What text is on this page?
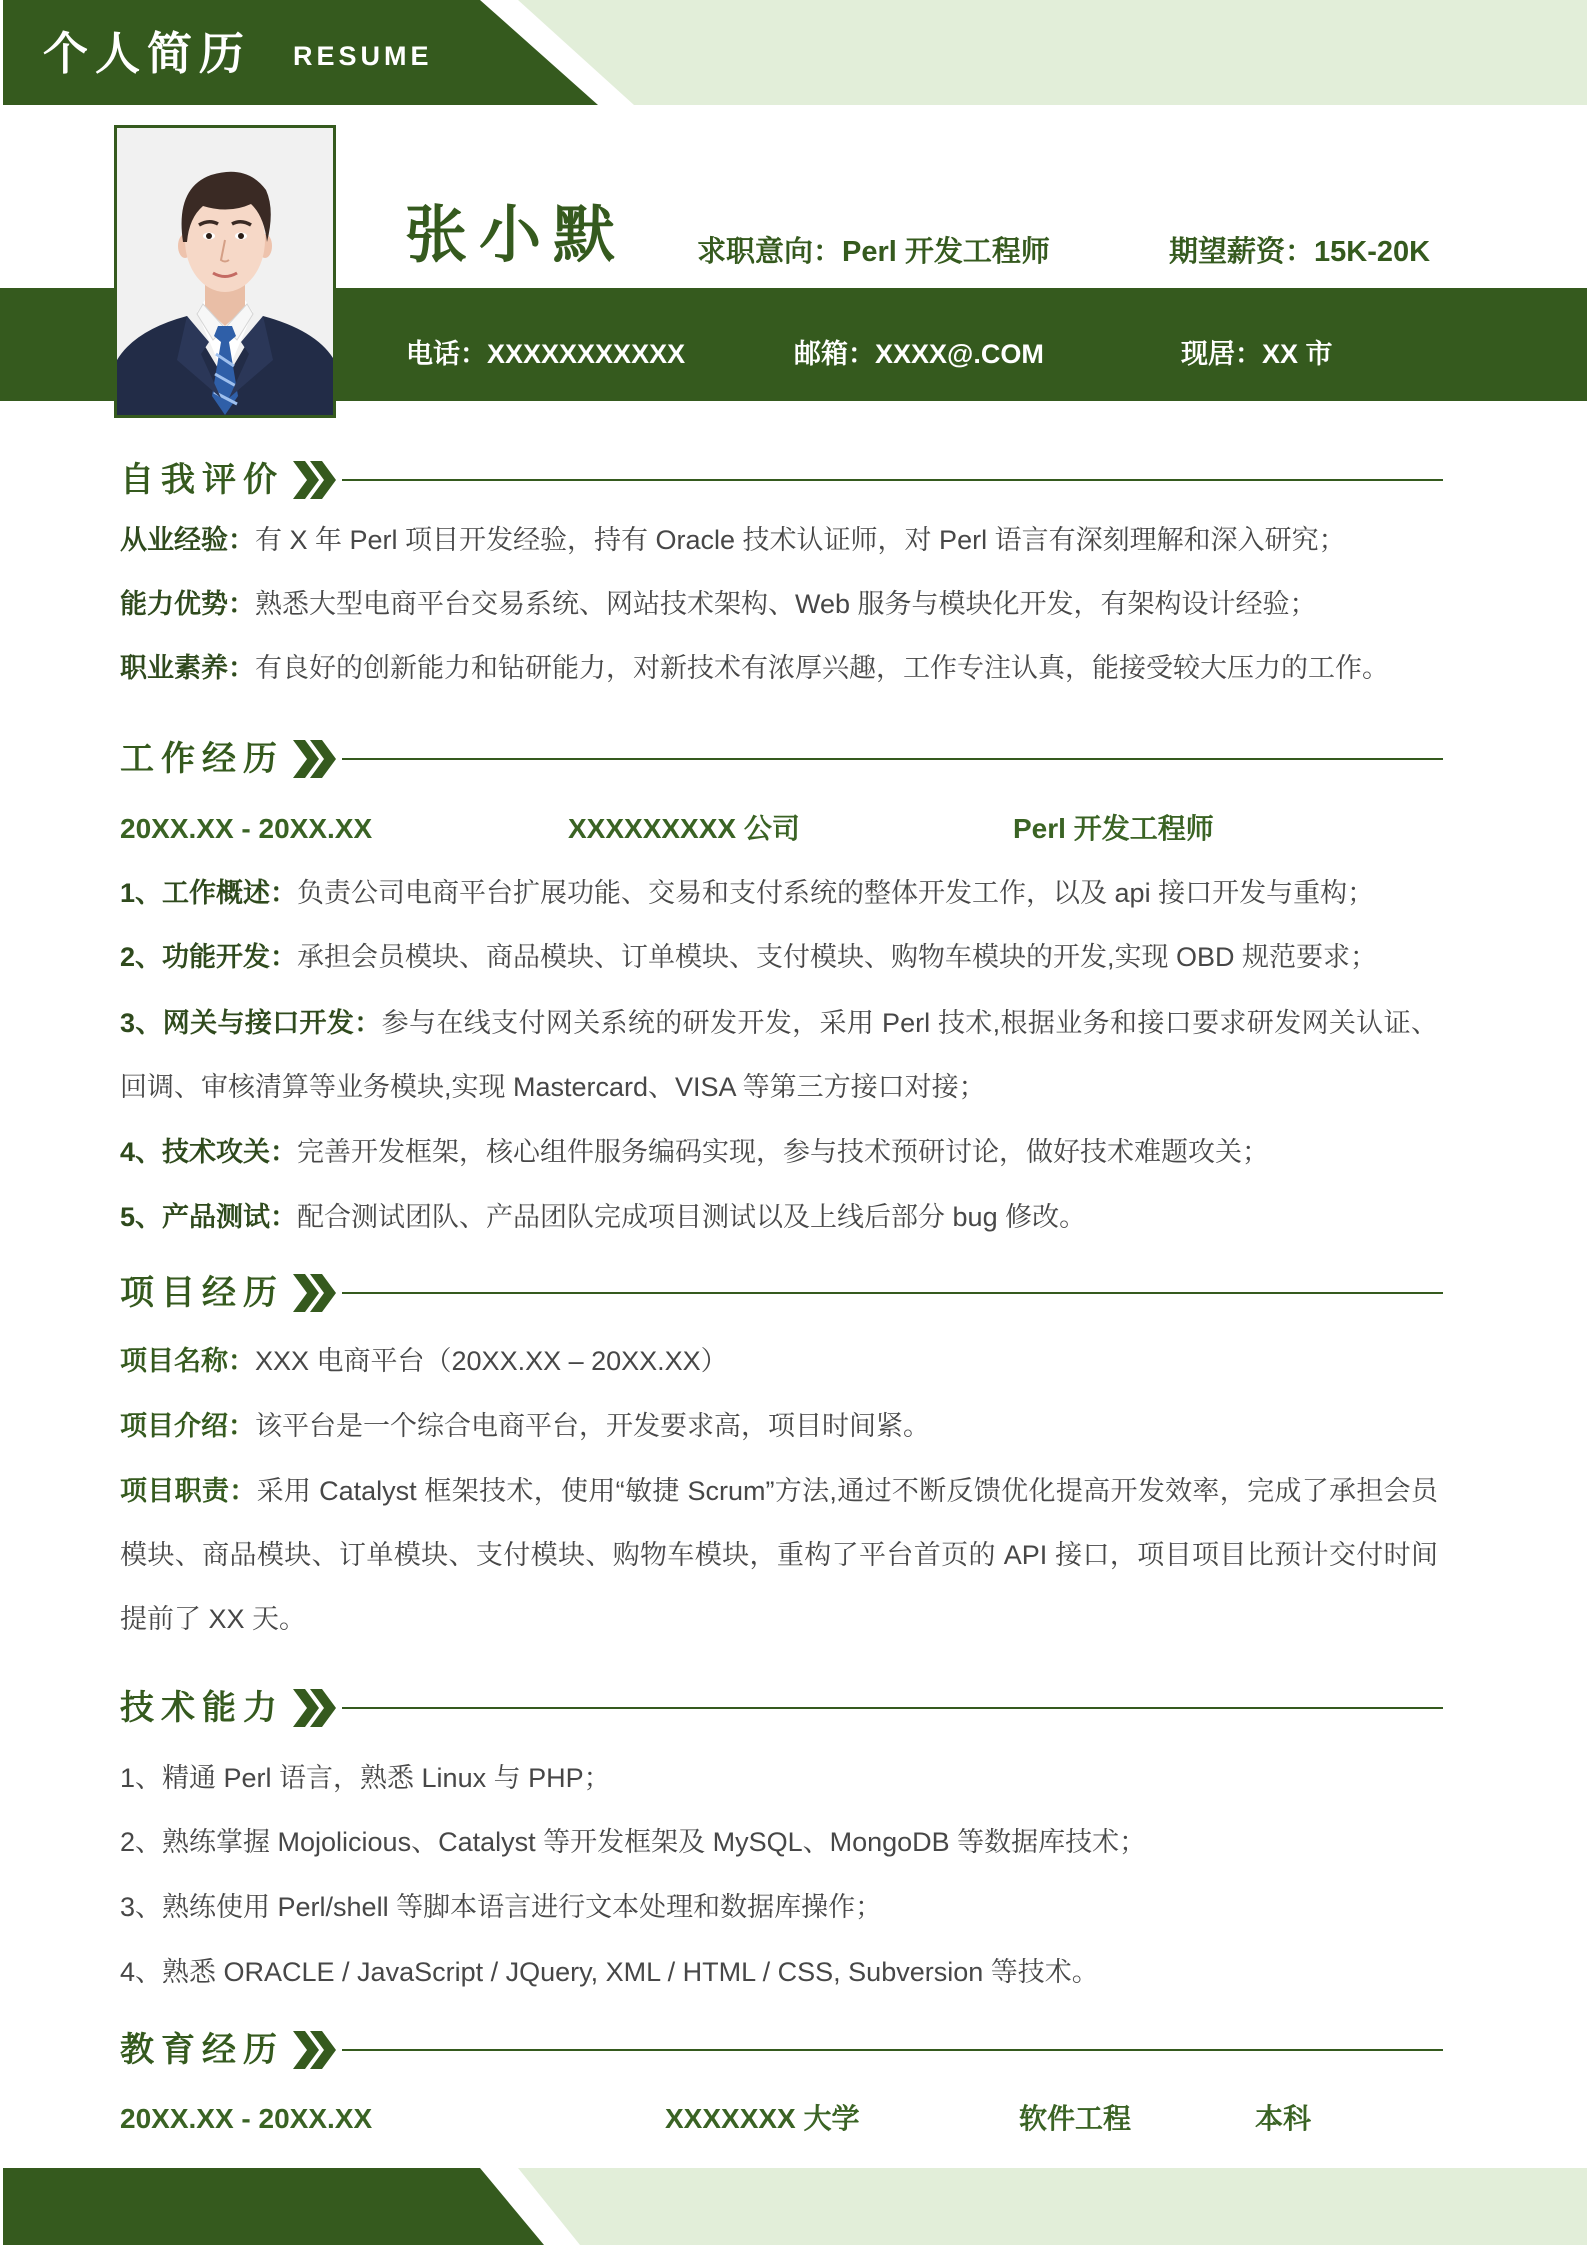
个人简历 RESUME
张小默 求职意向：Perl 开发工程师	期望薪资：15K-20K
电话：XXXXXXXXXXX	邮箱：XXXX@.COM	现居：XX 市
自我评价
从业经验：有 X 年 Perl 项目开发经验，持有 Oracle 技术认证师，对 Perl 语言有深刻理解和深入研究；
能力优势：熟悉大型电商平台交易系统、网站技术架构、Web 服务与模块化开发，有架构设计经验；
职业素养：有良好的创新能力和钻研能力，对新技术有浓厚兴趣，工作专注认真，能接受较大压力的工作。
工作经历
20XX.XX - 20XX.XX	XXXXXXXXX 公司	Perl 开发工程师
1、工作概述：负责公司电商平台扩展功能、交易和支付系统的整体开发工作，以及 api 接口开发与重构；
2、功能开发：承担会员模块、商品模块、订单模块、支付模块、购物车模块的开发,实现 OBD 规范要求；
3、网关与接口开发：参与在线支付网关系统的研发开发，采用 Perl 技术,根据业务和接口要求研发网关认证、回调、审核清算等业务模块,实现 Mastercard、VISA 等第三方接口对接；
4、技术攻关：完善开发框架，核心组件服务编码实现，参与技术预研讨论，做好技术难题攻关；
5、产品测试：配合测试团队、产品团队完成项目测试以及上线后部分 bug 修改。
项目经历
项目名称：XXX 电商平台（20XX.XX – 20XX.XX）
项目介绍：该平台是一个综合电商平台，开发要求高，项目时间紧。
项目职责：采用 Catalyst 框架技术，使用“敏捷 Scrum”方法,通过不断反馈优化提高开发效率，完成了承担会员模块、商品模块、订单模块、支付模块、购物车模块，重构了平台首页的 API 接口，项目项目比预计交付时间提前了 XX 天。
技术能力
1、精通 Perl 语言，熟悉 Linux 与 PHP；
2、熟练掌握 Mojolicious、Catalyst 等开发框架及 MySQL、MongoDB 等数据库技术；
3、熟练使用 Perl/shell 等脚本语言进行文本处理和数据库操作；
4、熟悉 ORACLE / JavaScript / JQuery, XML / HTML / CSS, Subversion 等技术。
教育经历
20XX.XX - 20XX.XX	XXXXXXX 大学	软件工程	本科
